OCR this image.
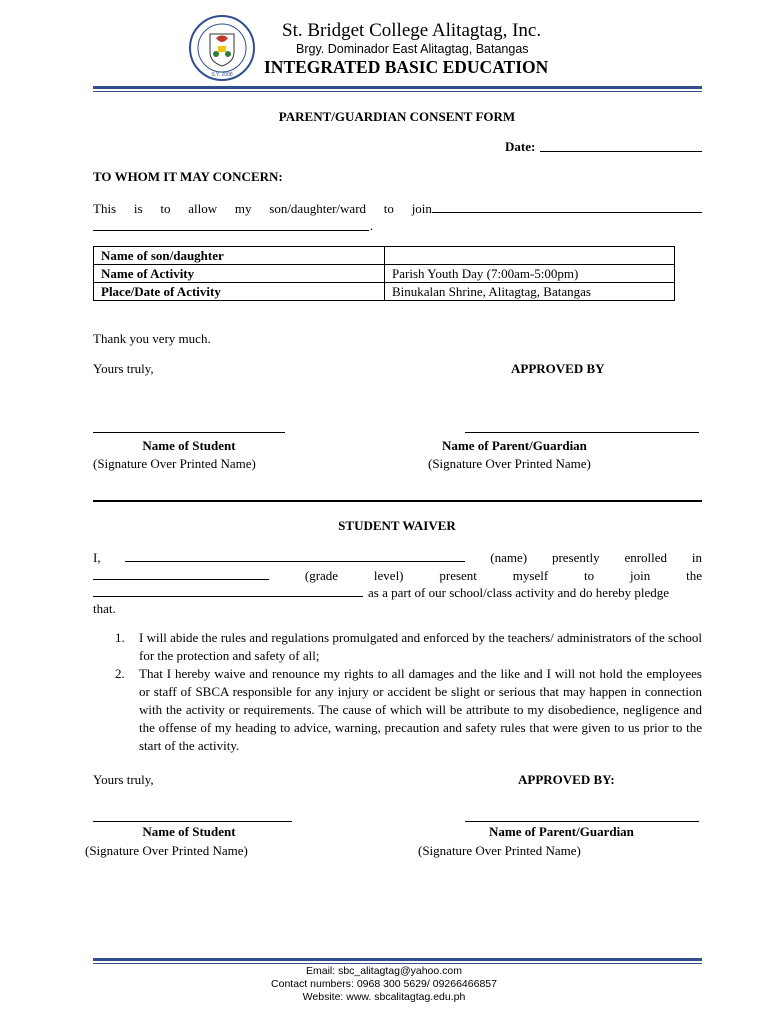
S.Y. 2008
St. Bridget College Alitagtag, Inc.
Brgy. Dominador East Alitagtag, Batangas
INTEGRATED BASIC EDUCATION
PARENT/GUARDIAN CONSENT FORM
Date:
TO WHOM IT MAY CONCERN:
This is to allow my son/daughter/ward to join
.
Name of son/daughter	
Name of Activity	Parish Youth Day (7:00am-5:00pm)
Place/Date of Activity	Binukalan Shrine, Alitagtag, Batangas
Thank you very much.
Yours truly,	APPROVED BY
Name of Student
(Signature Over Printed Name)
Name of Parent/Guardian
(Signature Over Printed Name)
STUDENT WAIVER
I,	(name) presently enrolled in
(grade	level)	present	myself	to	join	the
as a part of our school/class activity and do hereby pledge
that.
1. I will abide the rules and regulations promulgated and enforced by the teachers/ administrators of the school for the protection and safety of all;
2. That I hereby waive and renounce my rights to all damages and the like and I will not hold the employees or staff of SBCA responsible for any injury or accident be slight or serious that may happen in connection with the activity or requirements. The cause of which will be attribute to my disobedience, negligence and the offense of my heading to advice, warning, precaution and safety rules that were given to us prior to the start of the activity.
Yours truly,	APPROVED BY:
Name of Student
(Signature Over Printed Name)
Name of Parent/Guardian
(Signature Over Printed Name)
Email: sbc_alitagtag@yahoo.com
Contact numbers: 0968 300 5629/ 09266466857
Website: www. sbcalitagtag.edu.ph
